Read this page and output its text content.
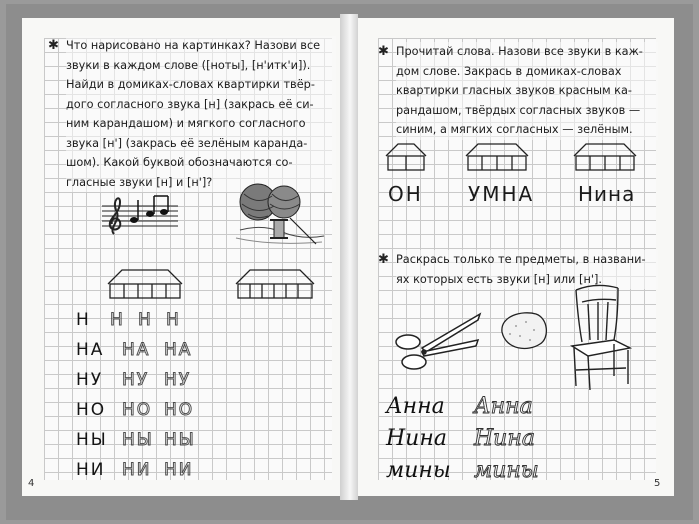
✱ Что нарисовано на картинках? Назови все
звуки в каждом слове ([ноты], [н'итк'и]).
Найди в домиках-словах квартирки твёр-
дого согласного звука [н] (закрась её си-
ним карандашом) и мягкого согласного
звука [н'] (закрась её зелёным каранда-
шом). Какой буквой обозначаются со-
гласные звуки [н] и [н']?
Н Н Н Н
НА НА НА
НУ НУ НУ
НО НО НО
НЫ НЫ НЫ
НИ НИ НИ
4
✱ Прочитай слова. Назови все звуки в каж-
дом слове. Закрась в домиках-словах
квартирки гласных звуков красным ка-
рандашом, твёрдых согласных звуков —
синим, а мягких согласных — зелёным.
ОН УМНА Нина
✱ Раскрась только те предметы, в названи-
ях которых есть звуки [н] или [н'].
Анна Анна
Нина Нина
мины мины
5
